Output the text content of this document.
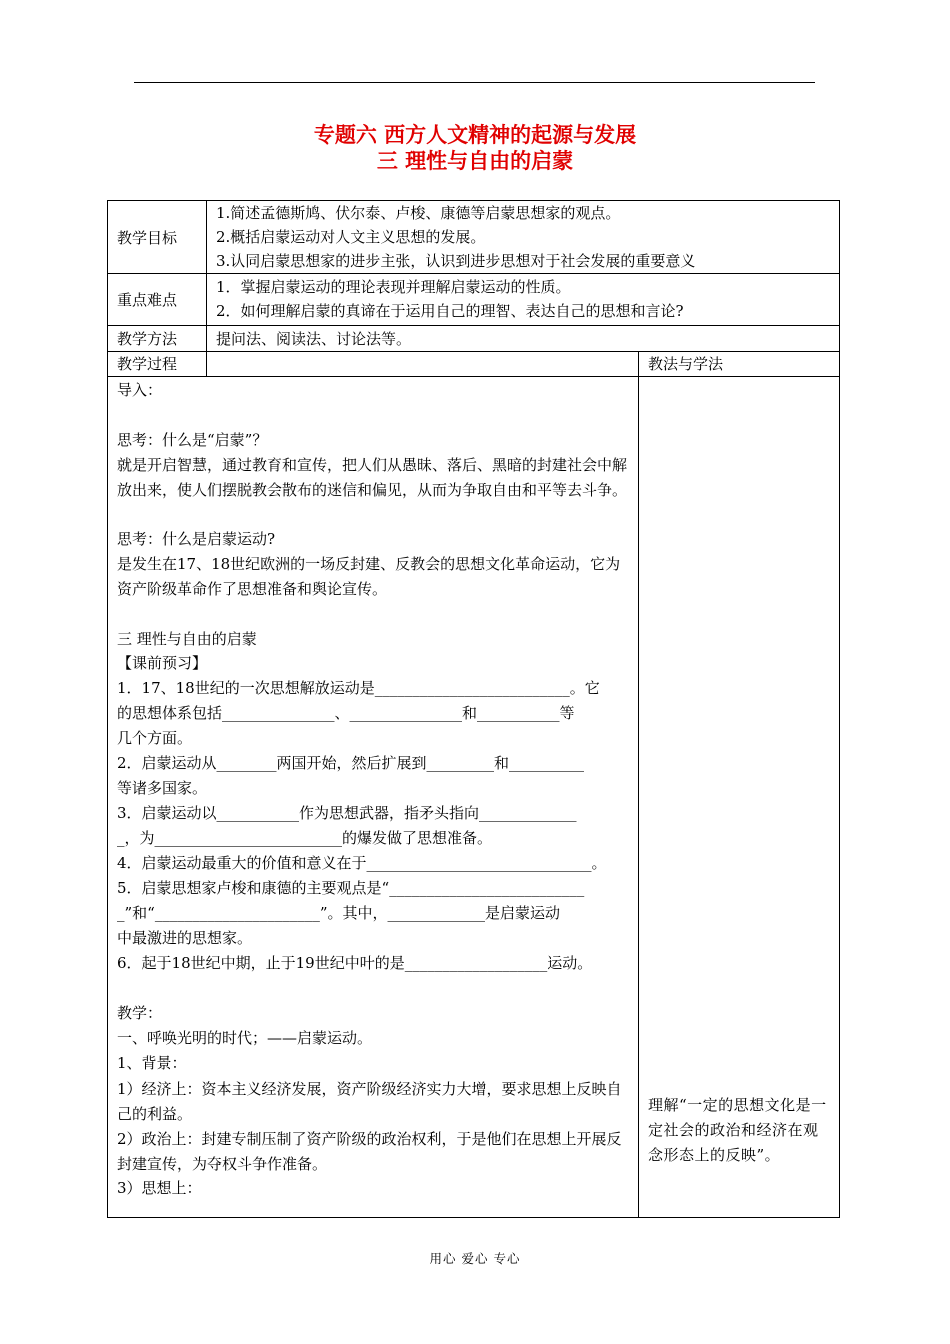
专题六 西方人文精神的起源与发展
三 理性与自由的启蒙
教学目标
重点难点
教学方法
教学过程	教法与学法
1.简述孟德斯鸠、伏尔泰、卢梭、康德等启蒙思想家的观点。
2.概括启蒙运动对人文主义思想的发展。
3.认同启蒙思想家的进步主张，认识到进步思想对于社会发展的重要意义
1．掌握启蒙运动的理论表现并理解启蒙运动的性质。
2．如何理解启蒙的真谛在于运用自己的理智、表达自己的思想和言论?
提问法、阅读法、讨论法等。
导入：
思考：什么是“启蒙”？
就是开启智慧，通过教育和宣传，把人们从愚昧、落后、黑暗的封建社会中解放出来，使人们摆脱教会散布的迷信和偏见，从而为争取自由和平等去斗争。
思考：什么是启蒙运动?
是发生在17、18世纪欧洲的一场反封建、反教会的思想文化革命运动，它为资产阶级革命作了思想准备和舆论宣传。
三 理性与自由的启蒙
【课前预习】
1．17、18世纪的一次思想解放运动是__________________________。它
的思想体系包括_______________、_______________和___________等
几个方面。
2．启蒙运动从________两国开始，然后扩展到_________和__________
等诸多国家。
3．启蒙运动以___________作为思想武器，指矛头指向_____________
_，为_________________________的爆发做了思想准备。
4．启蒙运动最重大的价值和意义在于______________________________。
5．启蒙思想家卢梭和康德的主要观点是“__________________________
_”和“______________________”。其中，_____________是启蒙运动
中最激进的思想家。
6．起于18世纪中期，止于19世纪中叶的是___________________运动。
教学：
一、呼唤光明的时代；——启蒙运动。
1、背景：
1）经济上：资本主义经济发展，资产阶级经济实力大增，要求思想上反映自己的利益。
2）政治上：封建专制压制了资产阶级的政治权利，于是他们在思想上开展反封建宣传，为夺权斗争作准备。
3）思想上：
理解“一定的思想文化是一定社会的政治和经济在观念形态上的反映”。
用心 爱心 专心
